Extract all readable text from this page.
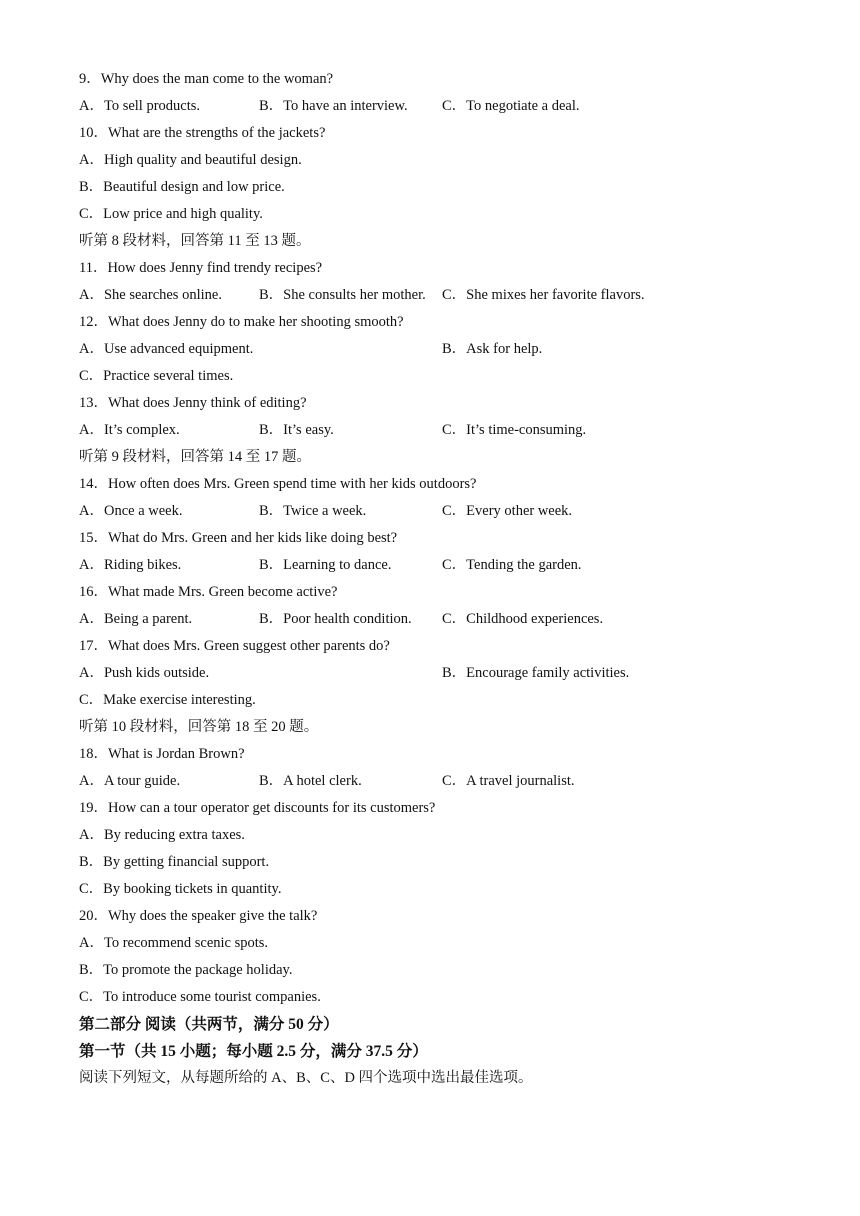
9．Why does the man come to the woman?
A．To sell products.	B．To have an interview. C．To negotiate a deal.
10．What are the strengths of the jackets?
A．High quality and beautiful design.
B．Beautiful design and low price.
C．Low price and high quality.
听第 8 段材料，回答第 11 至 13 题。
11．How does Jenny find trendy recipes?
A．She searches online.	B．She consults her mother. C．She mixes her favorite flavors.
12．What does Jenny do to make her shooting smooth?
A．Use advanced equipment.	B．Ask for help.
C．Practice several times.
13．What does Jenny think of editing?
A．It’s complex.	B．It’s easy.	C．It’s time-consuming.
听第 9 段材料，回答第 14 至 17 题。
14．How often does Mrs. Green spend time with her kids outdoors?
A．Once a week.	B．Twice a week.	C．Every other week.
15．What do Mrs. Green and her kids like doing best?
A．Riding bikes.	B．Learning to dance.	C．Tending the garden.
16．What made Mrs. Green become active?
A．Being a parent.	B．Poor health condition. C．Childhood experiences.
17．What does Mrs. Green suggest other parents do?
A．Push kids outside.	B．Encourage family activities.
C．Make exercise interesting.
听第 10 段材料，回答第 18 至 20 题。
18．What is Jordan Brown?
A．A tour guide.	B．A hotel clerk.	C．A travel journalist.
19．How can a tour operator get discounts for its customers?
A．By reducing extra taxes.
B．By getting financial support.
C．By booking tickets in quantity.
20．Why does the speaker give the talk?
A．To recommend scenic spots.
B．To promote the package holiday.
C．To introduce some tourist companies.
第二部分 阅读（共两节，满分 50 分）
第一节（共 15 小题；每小题 2.5 分，满分 37.5 分）
阅读下列短文，从每题所给的 A、B、C、D 四个选项中选出最佳选项。
